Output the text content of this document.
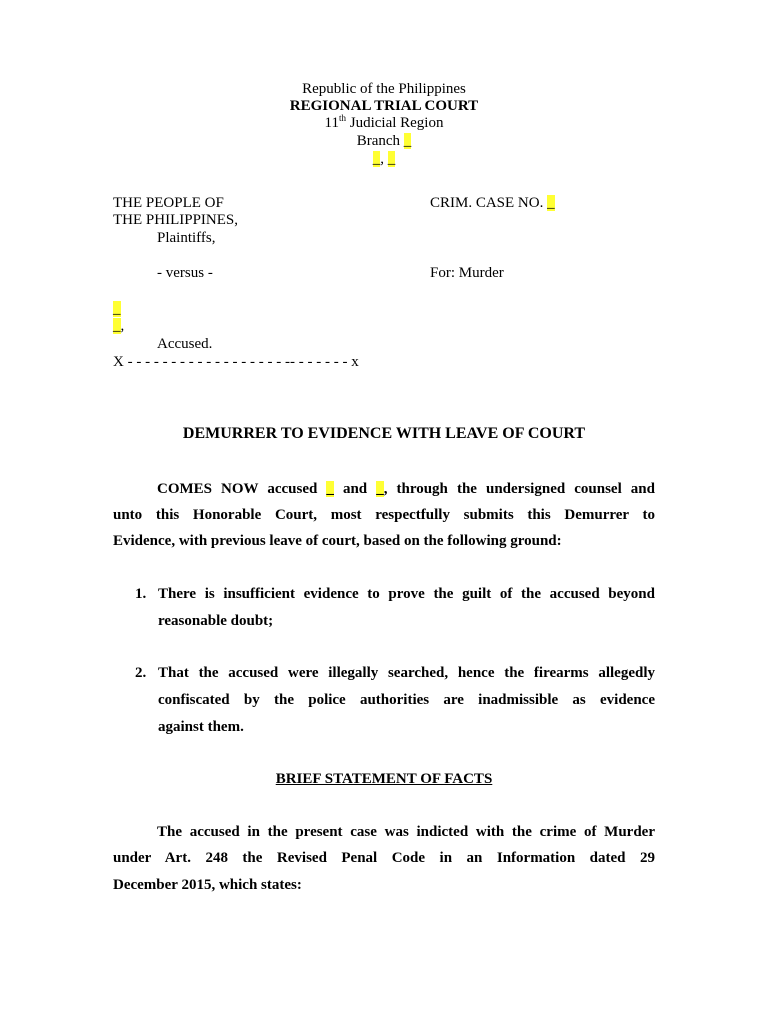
Republic of the Philippines
REGIONAL TRIAL COURT
11th Judicial Region
Branch _
_, _
THE PEOPLE OF
THE PHILIPPINES,
Plaintiffs,
CRIM. CASE NO. _
- versus -	For: Murder
_
_,
Accused.
X - - - - - - - - - - - - - - - - - - -- - - - - - - x
DEMURRER TO EVIDENCE WITH LEAVE OF COURT
COMES NOW accused _ and _, through the undersigned counsel and
unto this Honorable Court, most respectfully submits this Demurrer to
Evidence, with previous leave of court, based on the following ground:
1. There is insufficient evidence to prove the guilt of the accused beyond
reasonable doubt;
2. That the accused were illegally searched, hence the firearms allegedly
confiscated by the police authorities are inadmissible as evidence
against them.
BRIEF STATEMENT OF FACTS
The accused in the present case was indicted with the crime of Murder
under Art. 248 the Revised Penal Code in an Information dated 29
December 2015, which states:
